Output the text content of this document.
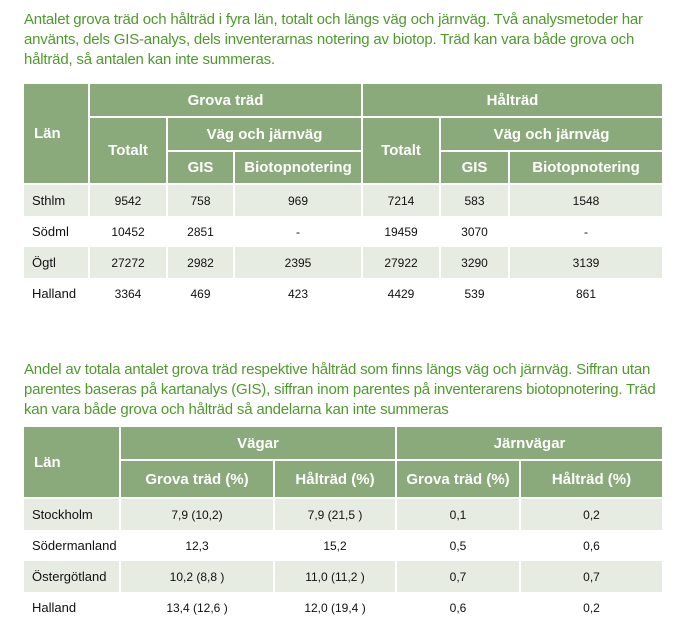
Antalet grova träd och hålträd i fyra län, totalt och längs väg och järnväg. Två analysmetoder har använts, dels GIS-analys, dels inventerarnas notering av biotop. Träd kan vara både grova och hålträd, så antalen kan inte summeras.
Län	Grova träd			Hålträd		
	Totalt	Väg och järnväg		Totalt	Väg och järnväg	
		GIS	Biotopnotering		GIS	Biotopnotering
Sthlm	9542	758	969	7214	583	1548
Södml	10452	2851	-	19459	3070	-
Ögtl	27272	2982	2395	27922	3290	3139
Halland	3364	469	423	4429	539	861
Andel av totala antalet grova träd respektive hålträd som finns längs väg och järnväg. Siffran utan parentes baseras på kartanalys (GIS), siffran inom parentes på inventerarens biotopnotering. Träd kan vara både grova och hålträd så andelarna kan inte summeras
Län	Vägar		Järnvägar	
	Grova träd (%)	Hålträd (%)	Grova träd (%)	Hålträd (%)
Stockholm	7,9 (10,2)	7,9 (21,5 )	0,1	0,2
Södermanland	12,3	15,2	0,5	0,6
Östergötland	10,2 (8,8 )	11,0 (11,2 )	0,7	0,7
Halland	13,4 (12,6 )	12,0 (19,4 )	0,6	0,2
